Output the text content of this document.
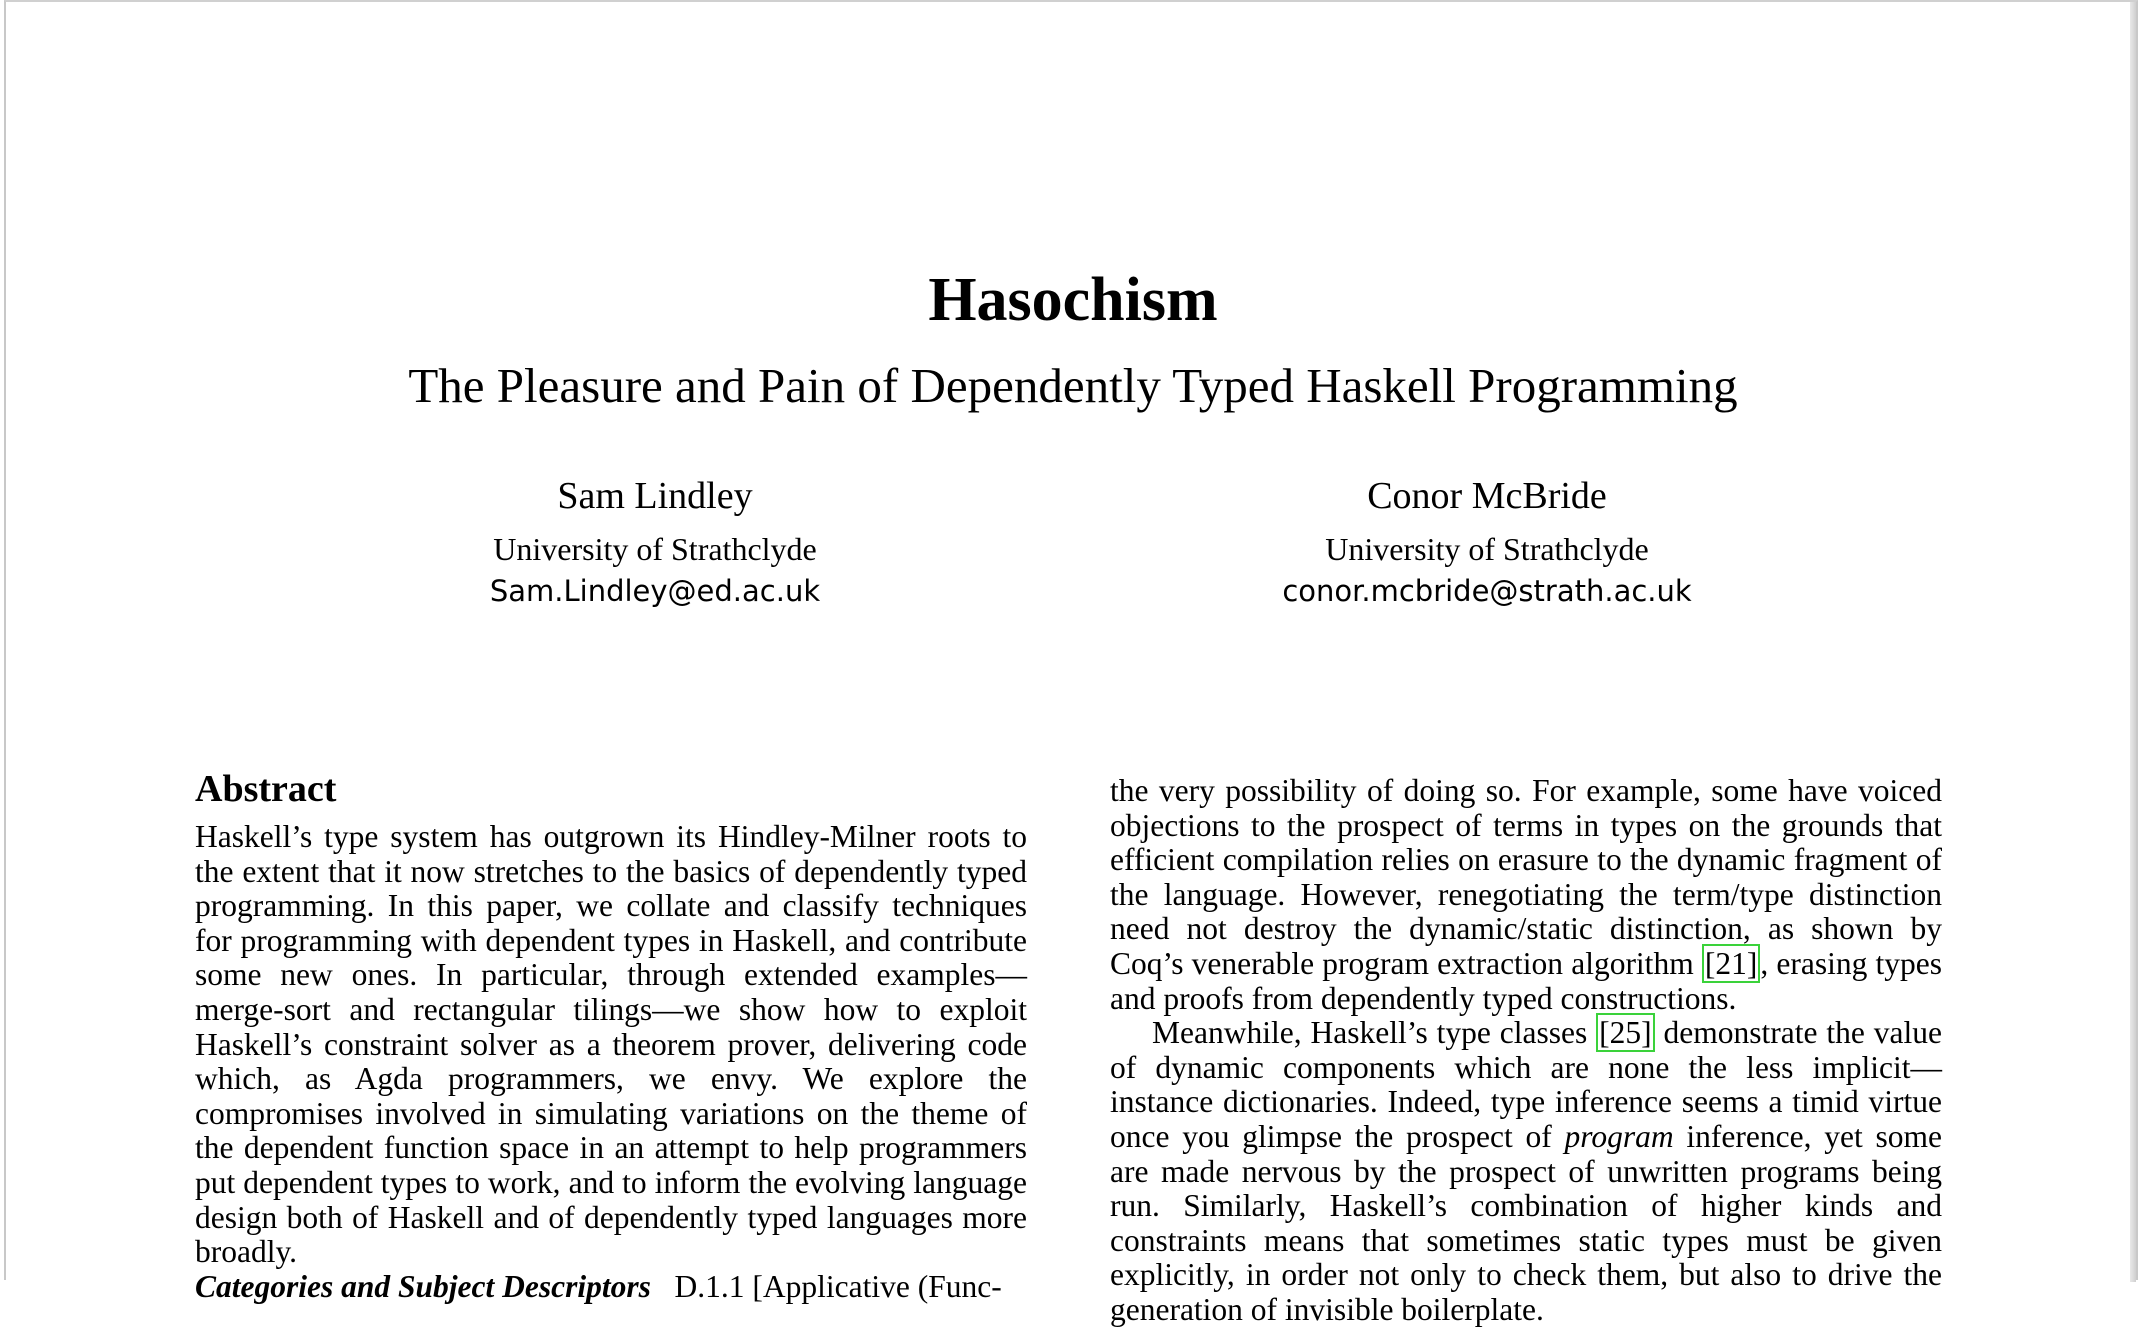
Hasochism
The Pleasure and Pain of Dependently Typed Haskell Programming
Sam Lindley
University of Strathclyde
Sam.Lindley@ed.ac.uk
Conor McBride
University of Strathclyde
conor.mcbride@strath.ac.uk
Abstract

Haskell’s type system has outgrown its Hindley-Milner roots to the extent that it now stretches to the basics of dependently typed programming. In this paper, we collate and classify techniques for programming with dependent types in Haskell, and contribute some new ones. In particular, through extended examples—merge-sort and rectangular tilings—we show how to exploit Haskell’s constraint solver as a theorem prover, delivering code which, as Agda programmers, we envy. We explore the compromises involved in simulating variations on the theme of the dependent function space in an attempt to help programmers put dependent types to work, and to inform the evolving language design both of Haskell and of dependently typed languages more broadly.

Categories and Subject Descriptors D.1.1 [Applicative (Func-

the very possibility of doing so. For example, some have voiced objections to the prospect of terms in types on the grounds that efficient compilation relies on erasure to the dynamic fragment of the language. However, renegotiating the term/type distinction need not destroy the dynamic/static distinction, as shown by Coq’s venerable program extraction algorithm [21], erasing types and proofs from dependently typed constructions.

Meanwhile, Haskell’s type classes [25] demonstrate the value of dynamic components which are none the less implicit—instance dictionaries. Indeed, type inference seems a timid virtue once you glimpse the prospect of program inference, yet some are made nervous by the prospect of unwritten programs being run. Similarly, Haskell’s combination of higher kinds and constraints means that sometimes static types must be given explicitly, in order not only to check them, but also to drive the generation of invisible boilerplate.
